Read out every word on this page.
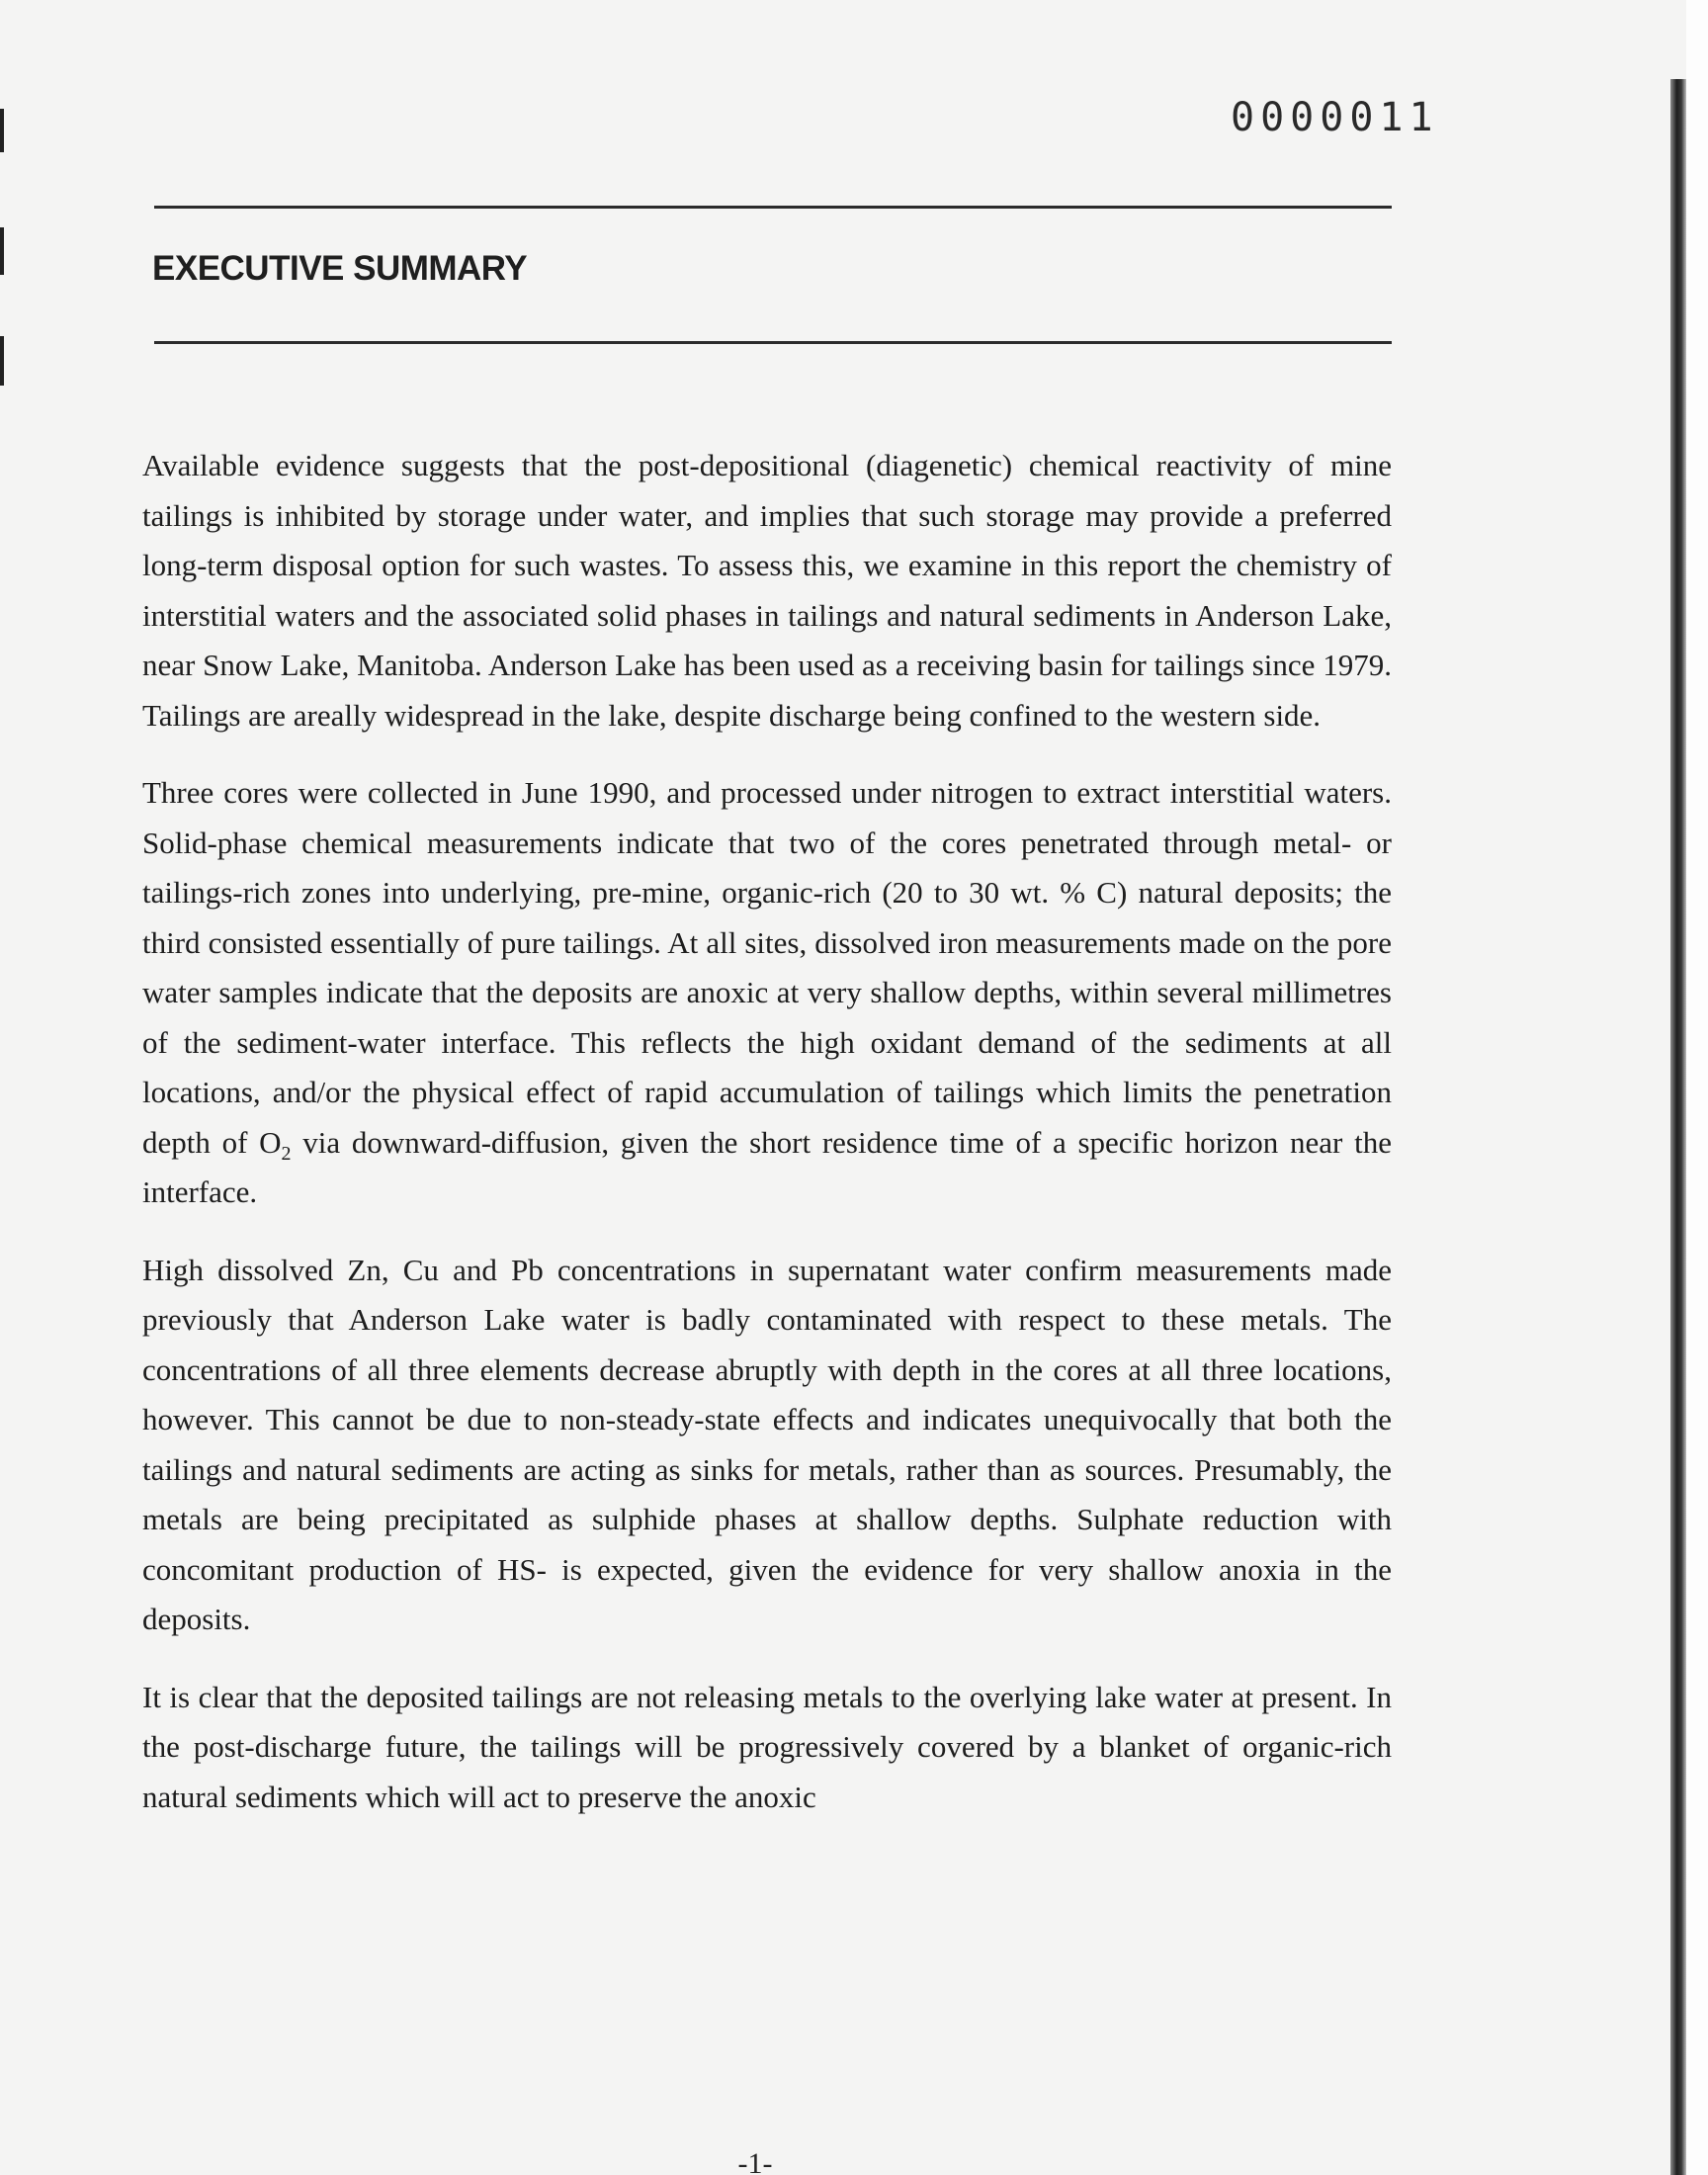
0000011
EXECUTIVE SUMMARY

Available evidence suggests that the post-depositional (diagenetic) chemical reactivity of mine tailings is inhibited by storage under water, and implies that such storage may provide a preferred long-term disposal option for such wastes. To assess this, we examine in this report the chemistry of interstitial waters and the associated solid phases in tailings and natural sediments in Anderson Lake, near Snow Lake, Manitoba. Anderson Lake has been used as a receiving basin for tailings since 1979. Tailings are areally widespread in the lake, despite discharge being confined to the western side.

Three cores were collected in June 1990, and processed under nitrogen to extract interstitial waters. Solid-phase chemical measurements indicate that two of the cores penetrated through metal- or tailings-rich zones into underlying, pre-mine, organic-rich (20 to 30 wt. % C) natural deposits; the third consisted essentially of pure tailings. At all sites, dissolved iron measurements made on the pore water samples indicate that the deposits are anoxic at very shallow depths, within several millimetres of the sediment-water interface. This reflects the high oxidant demand of the sediments at all locations, and/or the physical effect of rapid accumulation of tailings which limits the penetration depth of $O_2$ via downward-diffusion, given the short residence time of a specific horizon near the interface.

High dissolved Zn, Cu and Pb concentrations in supernatant water confirm measurements made previously that Anderson Lake water is badly contaminated with respect to these metals. The concentrations of all three elements decrease abruptly with depth in the cores at all three locations, however. This cannot be due to non-steady-state effects and indicates unequivocally that both the tailings and natural sediments are acting as sinks for metals, rather than as sources. Presumably, the metals are being precipitated as sulphide phases at shallow depths. Sulphate reduction with concomitant production of HS- is expected, given the evidence for very shallow anoxia in the deposits.

It is clear that the deposited tailings are not releasing metals to the overlying lake water at present. In the post-discharge future, the tailings will be progressively covered by a blanket of organic-rich natural sediments which will act to preserve the anoxic

-1-
